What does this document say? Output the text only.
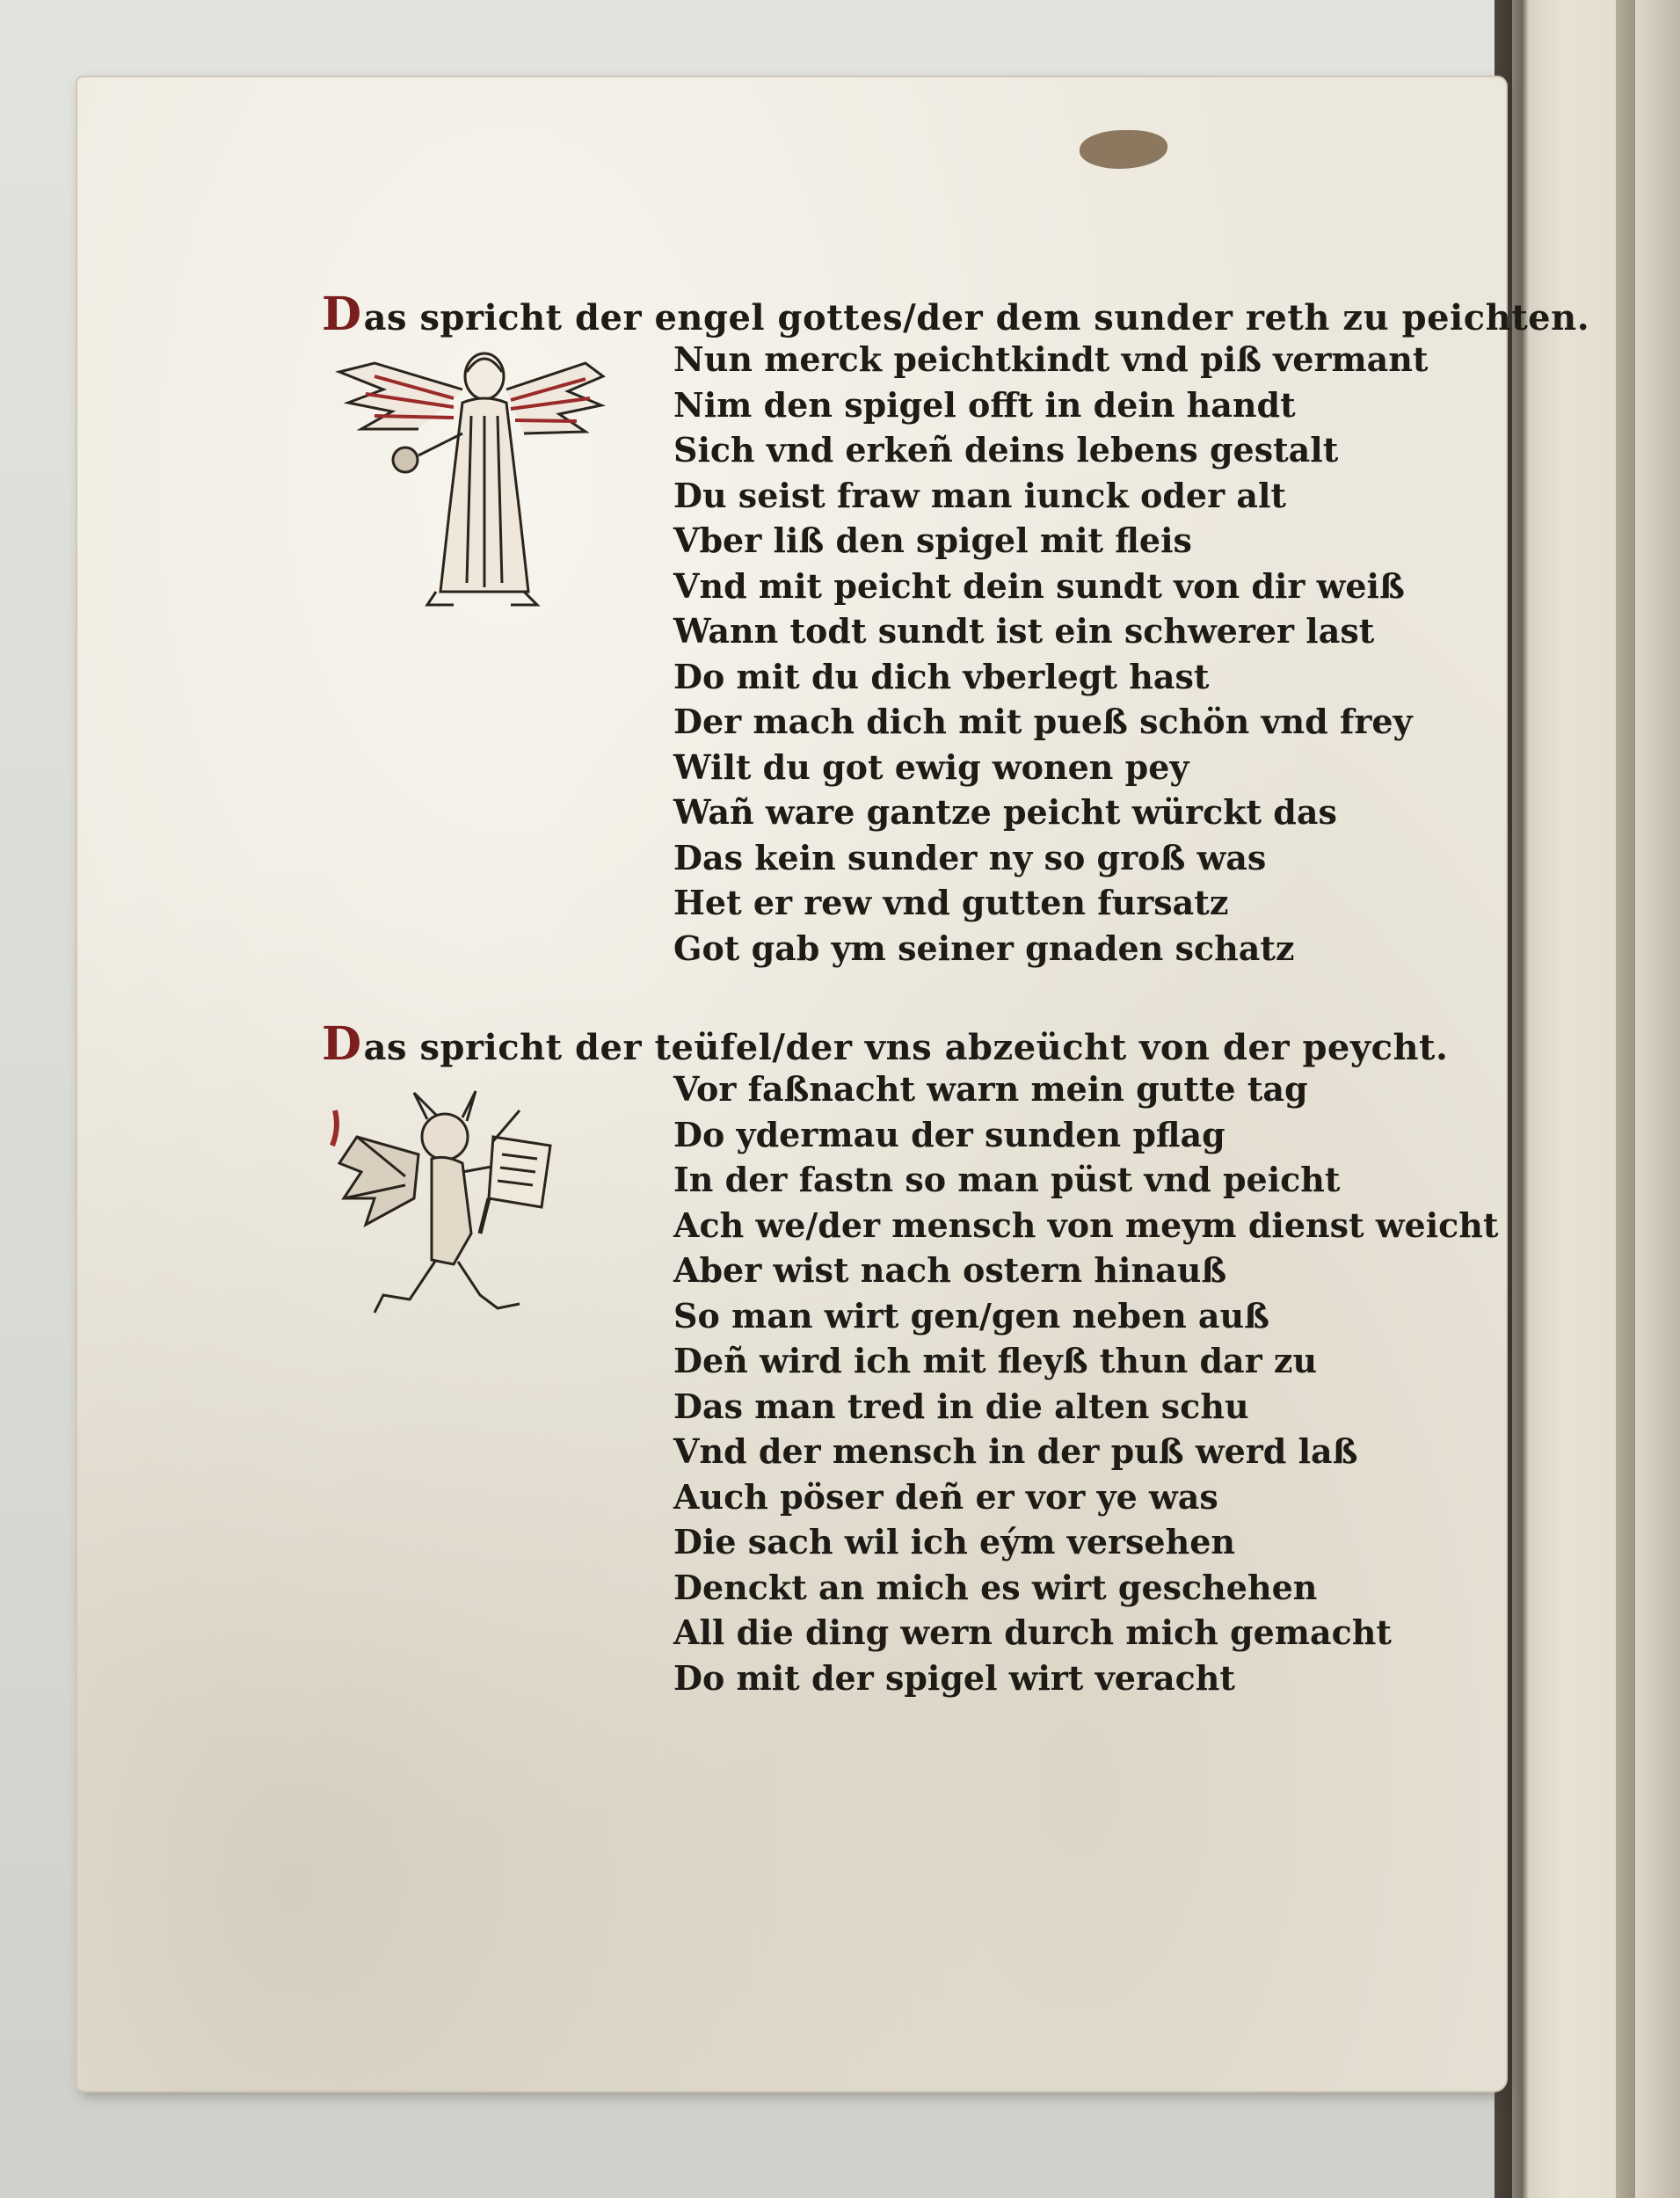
Das spricht der engel gottes/der dem sunder reth zu peichten.
Nun merck peichtkindt vnd piß vermant
Nim den spigel offt in dein handt
Sich vnd erkeñ deins lebens gestalt
Du seist fraw man iunck oder alt
Vber liß den spigel mit fleis
Vnd mit peicht dein sundt von dir weiß
Wann todt sundt ist ein schwerer last
Do mit du dich vberlegt hast
Der mach dich mit pueß schön vnd frey
Wilt du got ewig wonen pey
Wañ ware gantze peicht würckt das
Das kein sunder ny so groß was
Het er rew vnd gutten fursatz
Got gab ym seiner gnaden schatz
Das spricht der teüfel/der vns abzeücht von der peycht.
Vor faßnacht warn mein gutte tag
Do ydermau der sunden pflag
In der fastn so man püst vnd peicht
Ach we/der mensch von meym dienst weicht
Aber wist nach ostern hinauß
So man wirt gen/gen neben auß
Deñ wird ich mit fleyß thun dar zu
Das man tred in die alten schu
Vnd der mensch in der puß werd laß
Auch pöser deñ er vor ye was
Die sach wil ich eým versehen
Denckt an mich es wirt geschehen
All die ding wern durch mich gemacht
Do mit der spigel wirt veracht
